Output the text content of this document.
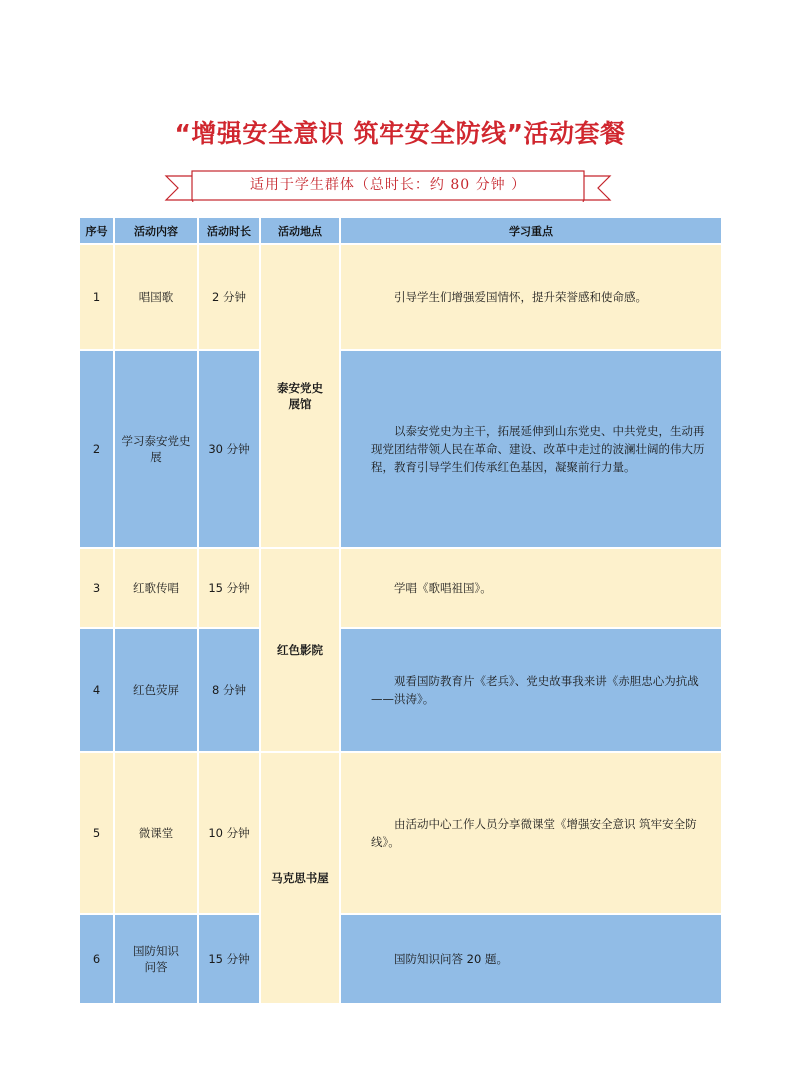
“增强安全意识 筑牢安全防线”活动套餐
适用于学生群体（总时长：约 80 分钟 ）
序号	活动内容	活动时长	活动地点	学习重点
1	唱国歌	2 分钟	泰安党史展馆	引导学生们增强爱国情怀，提升荣誉感和使命感。

2	学习泰安党史展	30 分钟		以泰安党史为主干，拓展延伸到山东党史、中共党史，生动再现党团结带领人民在革命、建设、改革中走过的波澜壮阔的伟大历程，教育引导学生们传承红色基因，凝聚前行力量。

3	红歌传唱	15 分钟	红色影院	学唱《歌唱祖国》。

4	红色荧屏	8 分钟		观看国防教育片《老兵》、党史故事我来讲《赤胆忠心为抗战——洪涛》。

5	微课堂	10 分钟	马克思书屋	由活动中心工作人员分享微课堂《增强安全意识 筑牢安全防线》。

6	国防知识问答	15 分钟		国防知识问答 20 题。
